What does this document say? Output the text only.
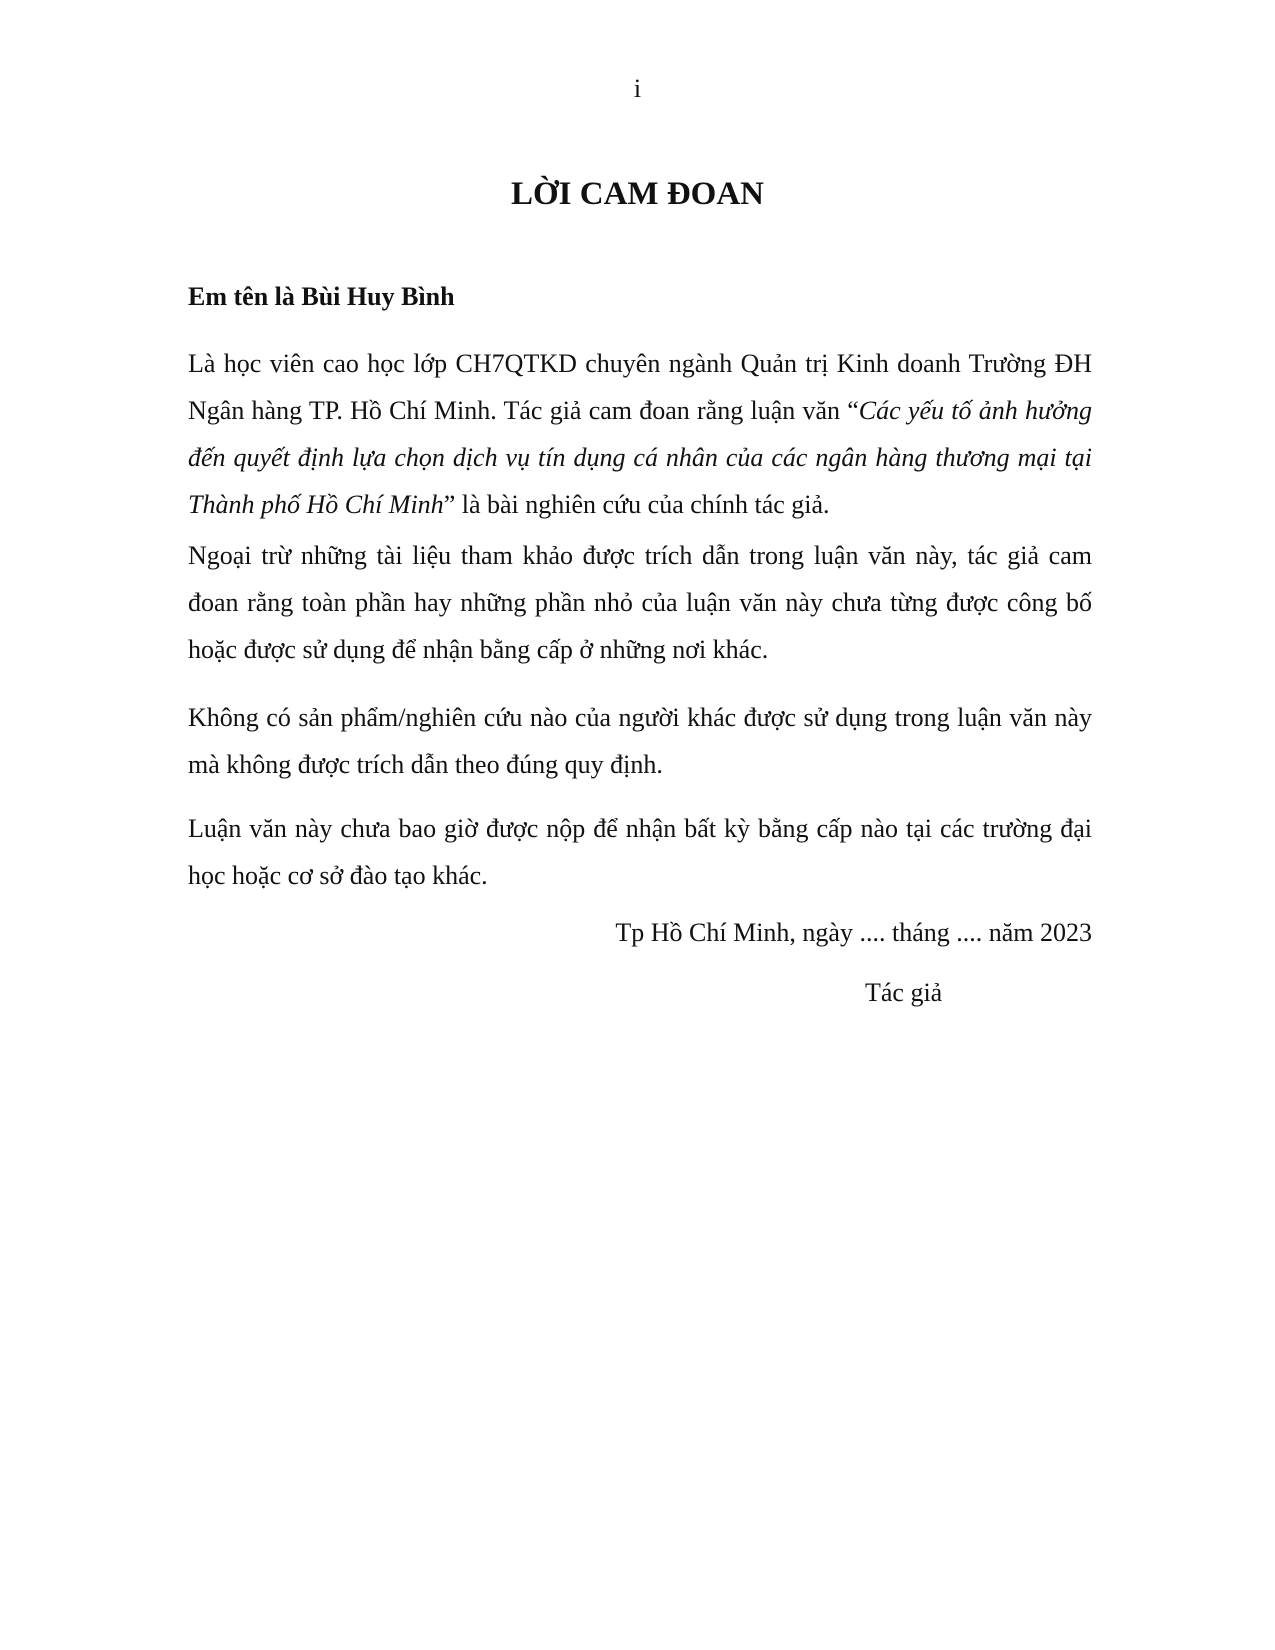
i
LỜI CAM ĐOAN

Em tên là Bùi Huy Bình

Là học viên cao học lớp CH7QTKD chuyên ngành Quản trị Kinh doanh Trường ĐH Ngân hàng TP. Hồ Chí Minh. Tác giả cam đoan rằng luận văn “Các yếu tố ảnh hưởng đến quyết định lựa chọn dịch vụ tín dụng cá nhân của các ngân hàng thương mại tại Thành phố Hồ Chí Minh” là bài nghiên cứu của chính tác giả.

Ngoại trừ những tài liệu tham khảo được trích dẫn trong luận văn này, tác giả cam đoan rằng toàn phần hay những phần nhỏ của luận văn này chưa từng được công bố hoặc được sử dụng để nhận bằng cấp ở những nơi khác.

Không có sản phẩm/nghiên cứu nào của người khác được sử dụng trong luận văn này mà không được trích dẫn theo đúng quy định.

Luận văn này chưa bao giờ được nộp để nhận bất kỳ bằng cấp nào tại các trường đại học hoặc cơ sở đào tạo khác.

Tp Hồ Chí Minh, ngày .... tháng .... năm 2023

Tác giả
